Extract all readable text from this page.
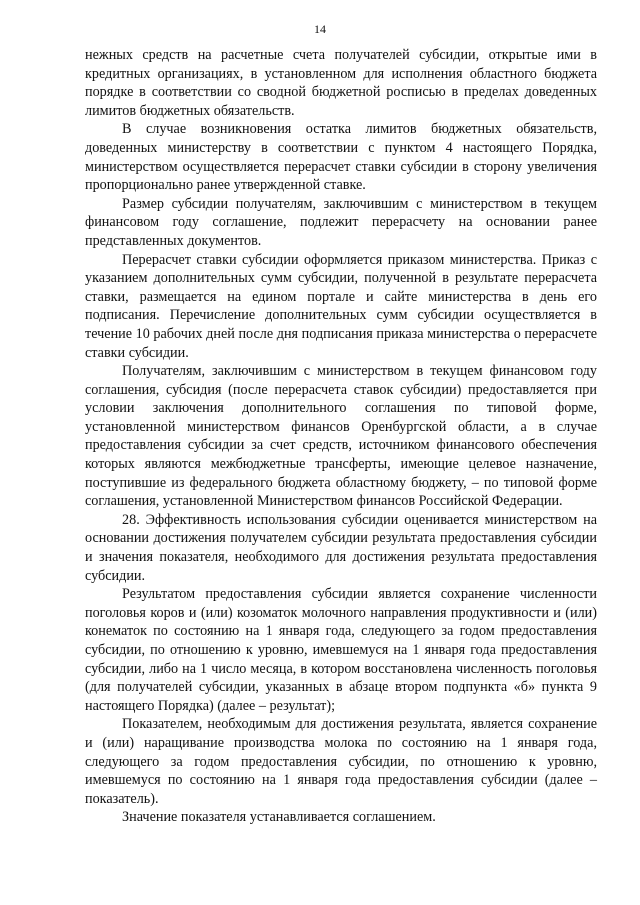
14

нежных средств на расчетные счета получателей субсидии, открытые ими в кредитных организациях, в установленном для исполнения областного бюджета порядке в соответствии со сводной бюджетной росписью в пределах доведенных лимитов бюджетных обязательств.

В случае возникновения остатка лимитов бюджетных обязательств, доведенных министерству в соответствии с пунктом 4 настоящего Порядка, министерством осуществляется перерасчет ставки субсидии в сторону увеличения пропорционально ранее утвержденной ставке.

Размер субсидии получателям, заключившим с министерством в текущем финансовом году соглашение, подлежит перерасчету на основании ранее представленных документов.

Перерасчет ставки субсидии оформляется приказом министерства. Приказ с указанием дополнительных сумм субсидии, полученной в результате перерасчета ставки, размещается на едином портале и сайте министерства в день его подписания. Перечисление дополнительных сумм субсидии осуществляется в течение 10 рабочих дней после дня подписания приказа министерства о перерасчете ставки субсидии.

Получателям, заключившим с министерством в текущем финансовом году соглашения, субсидия (после перерасчета ставок субсидии) предоставляется при условии заключения дополнительного соглашения по типовой форме, установленной министерством финансов Оренбургской области, а в случае предоставления субсидии за счет средств, источником финансового обеспечения которых являются межбюджетные трансферты, имеющие целевое назначение, поступившие из федерального бюджета областному бюджету, – по типовой форме соглашения, установленной Министерством финансов Российской Федерации.

28. Эффективность использования субсидии оценивается министерством на основании достижения получателем субсидии результата предоставления субсидии и значения показателя, необходимого для достижения результата предоставления субсидии.

Результатом предоставления субсидии является сохранение численности поголовья коров и (или) козоматок молочного направления продуктивности и (или) конематок по состоянию на 1 января года, следующего за годом предоставления субсидии, по отношению к уровню, имевшемуся на 1 января года предоставления субсидии, либо на 1 число месяца, в котором восстановлена численность поголовья (для получателей субсидии, указанных в абзаце втором подпункта «б» пункта 9 настоящего Порядка) (далее – результат);

Показателем, необходимым для достижения результата, является сохранение и (или) наращивание производства молока по состоянию на 1 января года, следующего за годом предоставления субсидии, по отношению к уровню, имевшемуся по состоянию на 1 января года предоставления субсидии (далее – показатель).

Значение показателя устанавливается соглашением.
